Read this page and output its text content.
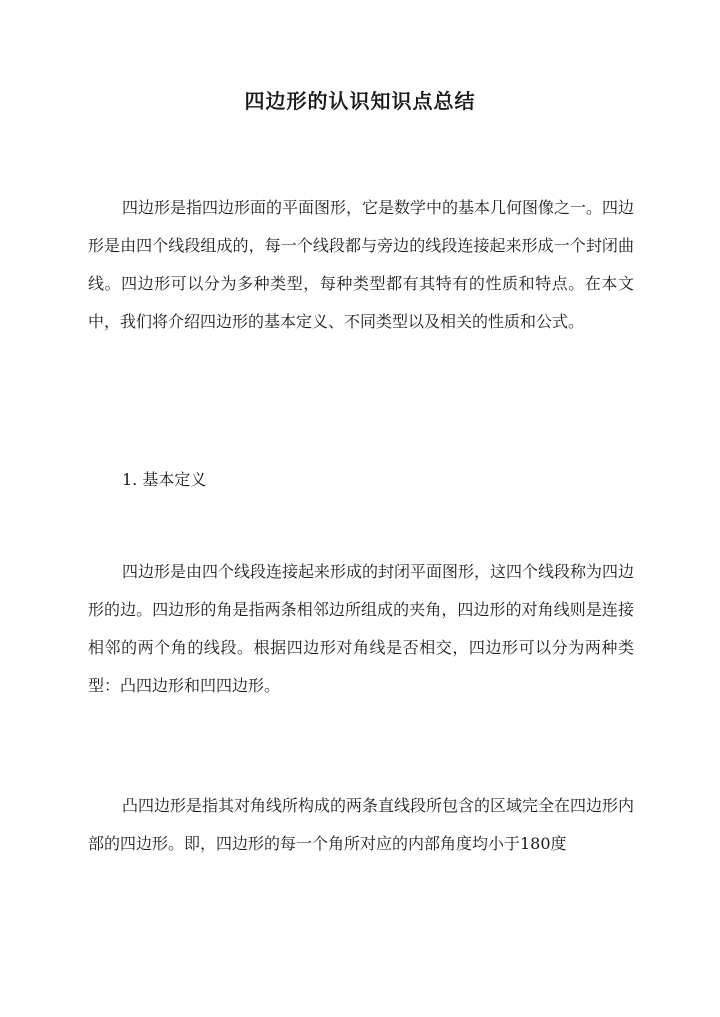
四边形的认识知识点总结

四边形是指四边形面的平面图形，它是数学中的基本几何图像之一。四边形是由四个线段组成的，每一个线段都与旁边的线段连接起来形成一个封闭曲线。四边形可以分为多种类型，每种类型都有其特有的性质和特点。在本文中，我们将介绍四边形的基本定义、不同类型以及相关的性质和公式。

1. 基本定义

四边形是由四个线段连接起来形成的封闭平面图形，这四个线段称为四边形的边。四边形的角是指两条相邻边所组成的夹角，四边形的对角线则是连接相邻的两个角的线段。根据四边形对角线是否相交，四边形可以分为两种类型：凸四边形和凹四边形。

凸四边形是指其对角线所构成的两条直线段所包含的区域完全在四边形内部的四边形。即，四边形的每一个角所对应的内部角度均小于180度
